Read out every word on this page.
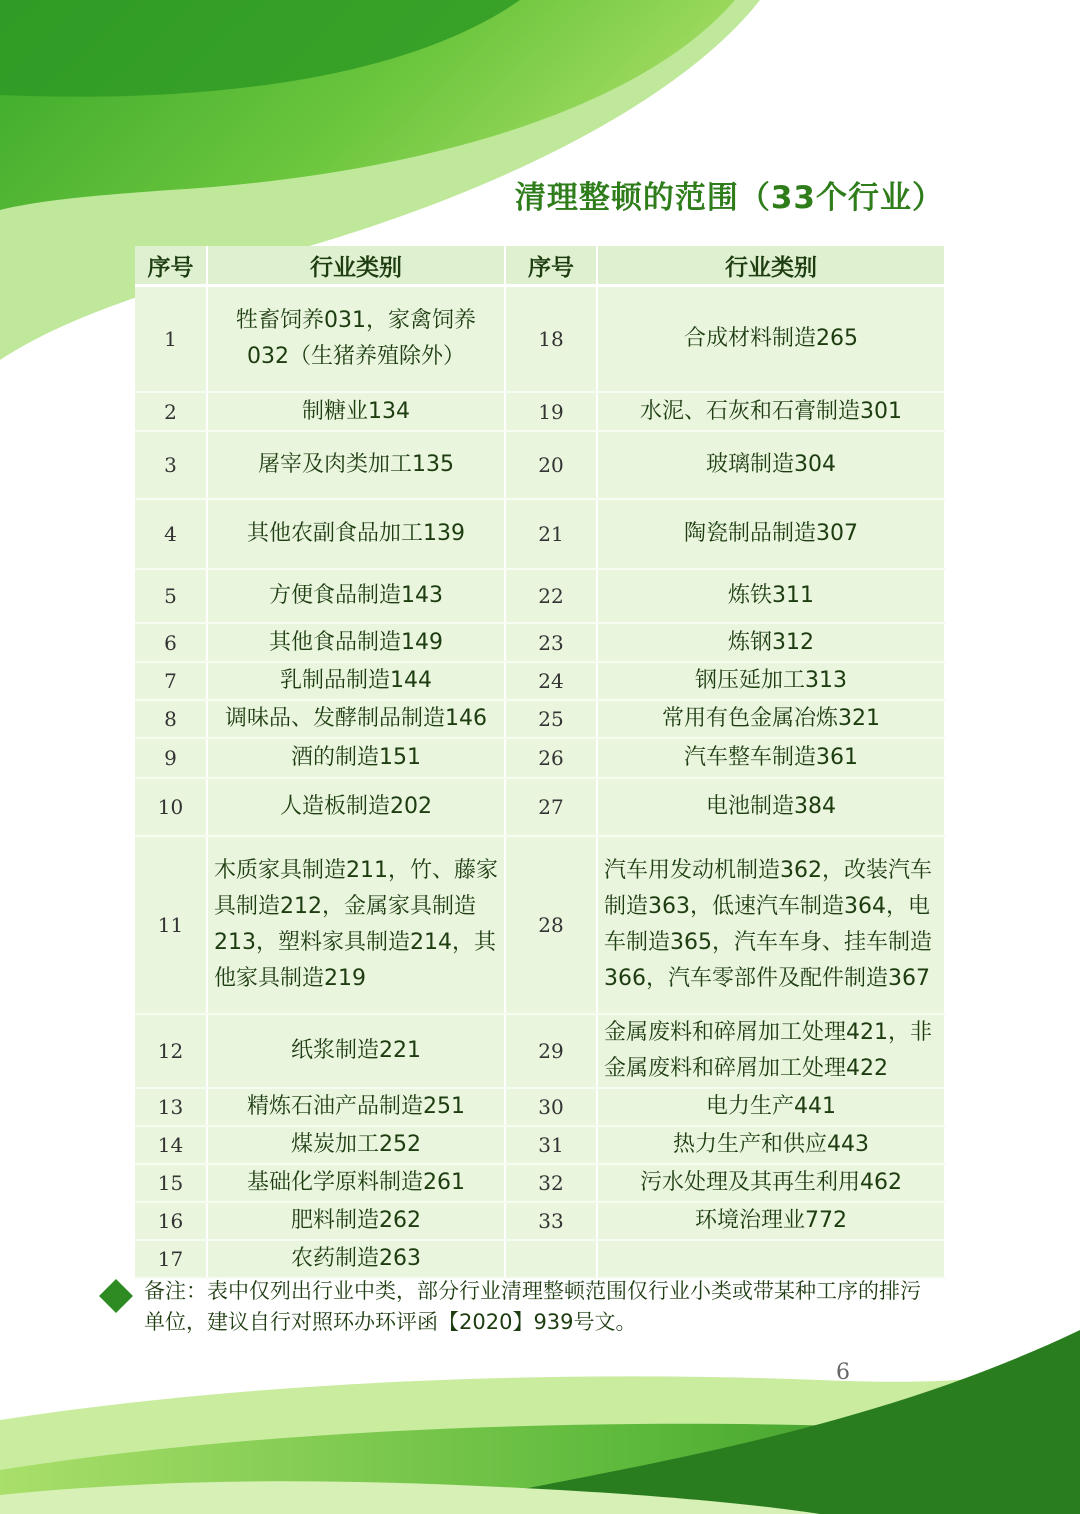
清理整顿的范围（33个行业）
序号	行业类别	序号	行业类别
1	牲畜饲养031，家禽饲养032（生猪养殖除外）	18	合成材料制造265
2	制糖业134	19	水泥、石灰和石膏制造301
3	屠宰及肉类加工135	20	玻璃制造304
4	其他农副食品加工139	21	陶瓷制品制造307
5	方便食品制造143	22	炼铁311
6	其他食品制造149	23	炼钢312
7	乳制品制造144	24	钢压延加工313
8	调味品、发酵制品制造146	25	常用有色金属冶炼321
9	酒的制造151	26	汽车整车制造361
10	人造板制造202	27	电池制造384
11	木质家具制造211，竹、藤家具制造212，金属家具制造213，塑料家具制造214，其他家具制造219	28	汽车用发动机制造362，改装汽车制造363，低速汽车制造364，电车制造365，汽车车身、挂车制造366，汽车零部件及配件制造367
12	纸浆制造221	29	金属废料和碎屑加工处理421，非金属废料和碎屑加工处理422
13	精炼石油产品制造251	30	电力生产441
14	煤炭加工252	31	热力生产和供应443
15	基础化学原料制造261	32	污水处理及其再生利用462
16	肥料制造262	33	环境治理业772
17	农药制造263		
备注：表中仅列出行业中类，部分行业清理整顿范围仅行业小类或带某种工序的排污单位，建议自行对照环办环评函【2020】939号文。
6
